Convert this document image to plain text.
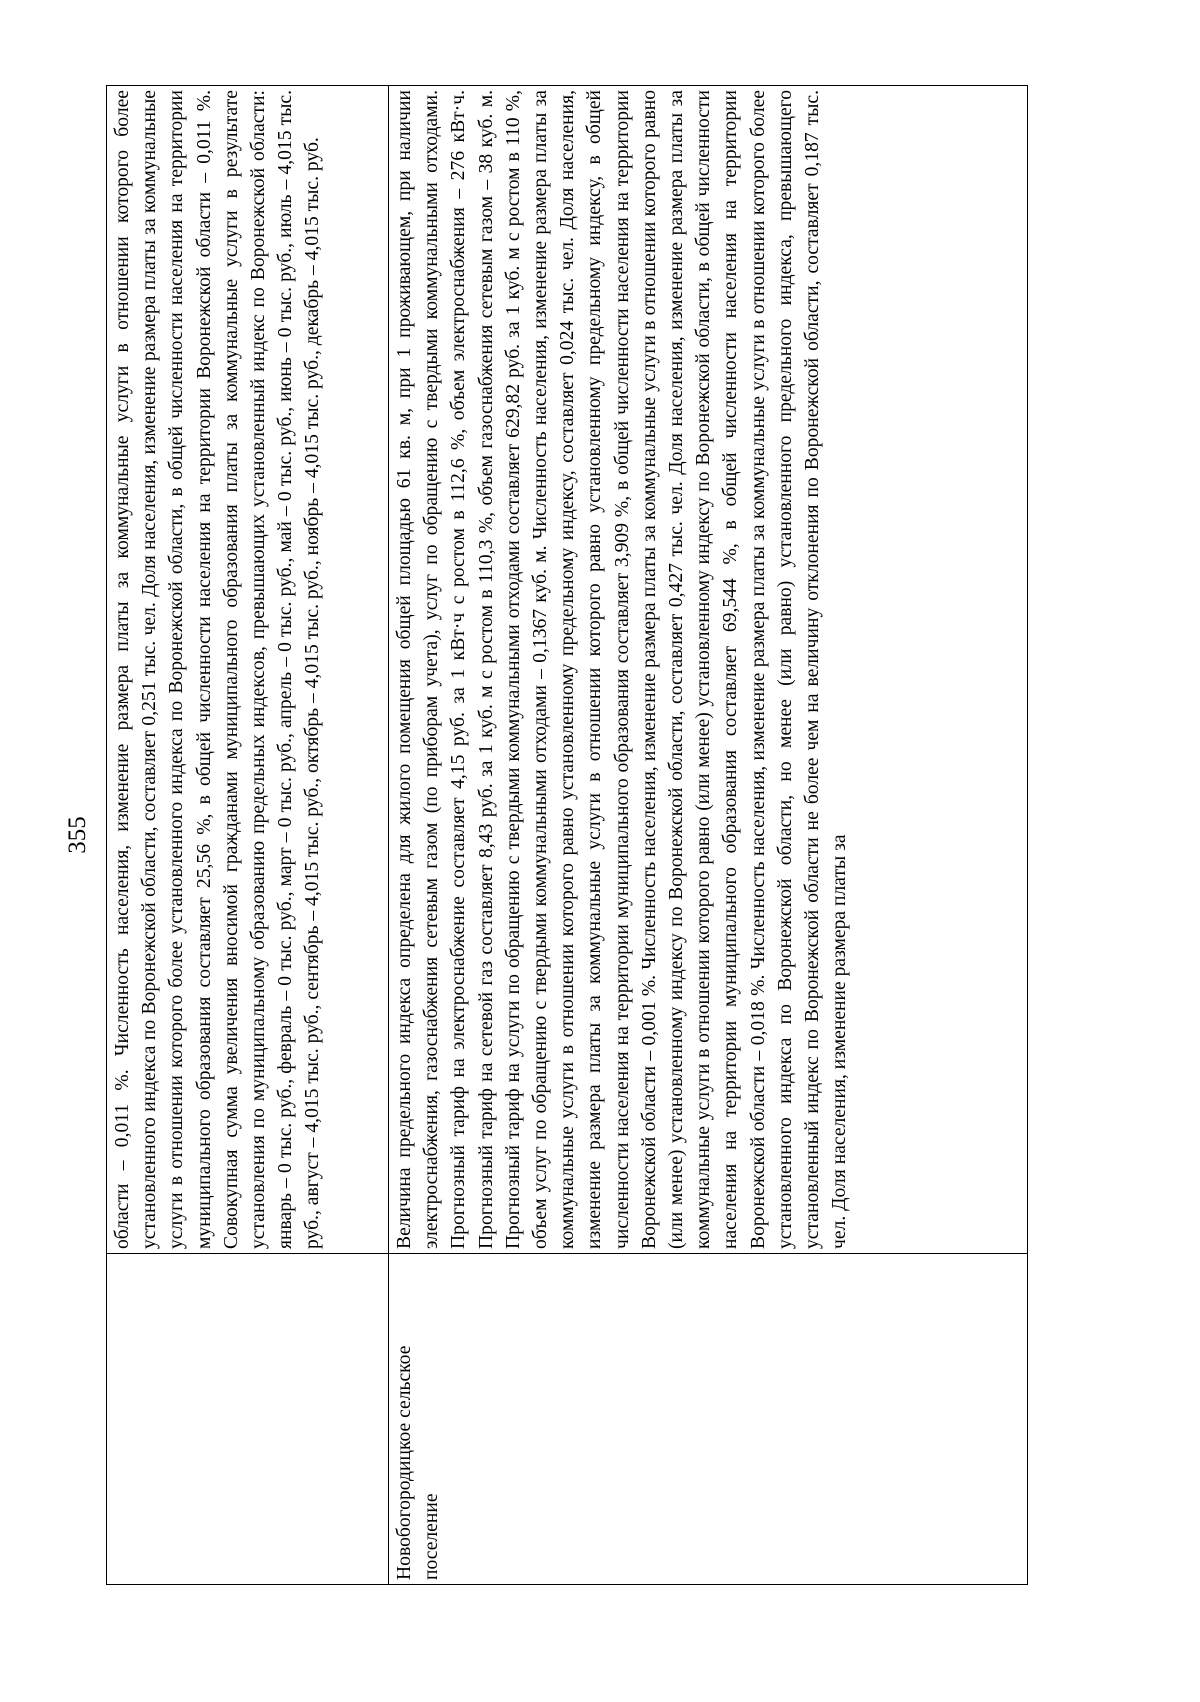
355
		области – 0,011 %. Численность населения, изменение размера платы за коммунальные услуги в отношении которого более установленного индекса по Воронежской области, составляет 0,251 тыс. чел. Доля населения, изменение размера платы за коммунальные услуги в отношении которого более установленного индекса по Воронежской области, в общей численности населения на территории муниципального образования составляет 25,56 %, в общей численности населения на территории Воронежской области – 0,011 %. Совокупная сумма увеличения вносимой гражданами муниципального образования платы за коммунальные услуги в результате установления по муниципальному образованию предельных индексов, превышающих установленный индекс по Воронежской области: январь – 0 тыс. руб., февраль – 0 тыс. руб., март – 0 тыс. руб., апрель – 0 тыс. руб., май – 0 тыс. руб., июнь – 0 тыс. руб., июль – 4,015 тыс. руб., август – 4,015 тыс. руб., сентябрь – 4,015 тыс. руб., октябрь – 4,015 тыс. руб., ноябрь – 4,015 тыс. руб., декабрь – 4,015 тыс. руб.
Новобогородицкое сельское поселение	Величина предельного индекса определена для жилого помещения общей площадью 61 кв. м, при 1 проживающем, при наличии электроснабжения, газоснабжения сетевым газом (по приборам учета), услуг по обращению с твердыми коммунальными отходами. Прогнозный тариф на электроснабжение составляет 4,15 руб. за 1 кВт·ч с ростом в 112,6 %, объем электроснабжения – 276 кВт·ч. Прогнозный тариф на сетевой газ составляет 8,43 руб. за 1 куб. м с ростом в 110,3 %, объем газоснабжения сетевым газом – 38 куб. м. Прогнозный тариф на услуги по обращению с твердыми коммунальными отходами составляет 629,82 руб. за 1 куб. м с ростом в 110 %, объем услуг по обращению с твердыми коммунальными отходами – 0,1367 куб. м. Численность населения, изменение размера платы за коммунальные услуги в отношении которого равно установленному предельному индексу, составляет 0,024 тыс. чел. Доля населения, изменение размера платы за коммунальные услуги в отношении которого равно установленному предельному индексу, в общей численности населения на территории муниципального образования составляет 3,909 %, в общей численности населения на территории Воронежской области – 0,001 %. Численность населения, изменение размера платы за коммунальные услуги в отношении которого равно (или менее) установленному индексу по Воронежской области, составляет 0,427 тыс. чел. Доля населения, изменение размера платы за коммунальные услуги в отношении которого равно (или менее) установленному индексу по Воронежской области, в общей численности населения на территории муниципального образования составляет 69,544 %, в общей численности населения на территории Воронежской области – 0,018 %. Численность населения, изменение размера платы за коммунальные услуги в отношении которого более установленного индекса по Воронежской области, но менее (или равно) установленного предельного индекса, превышающего установленный индекс по Воронежской области не более чем на величину отклонения по Воронежской области, составляет 0,187 тыс. чел. Доля населения, изменение размера платы за
